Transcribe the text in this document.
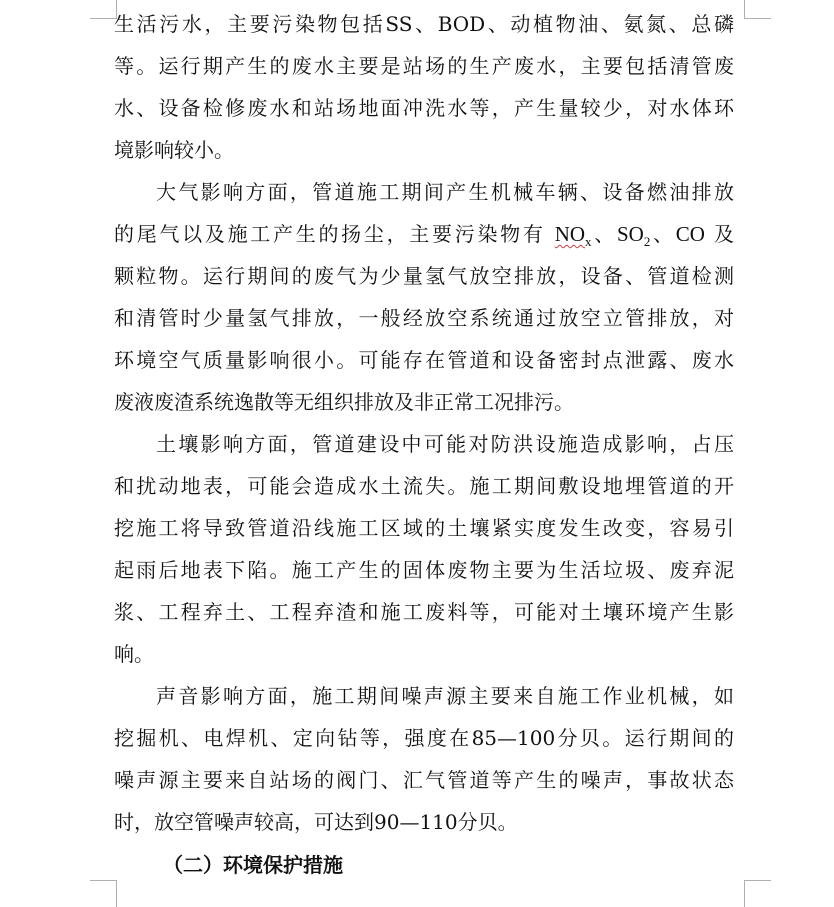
生活污水，主要污染物包括SS、BOD、动植物油、氨氮、总磷
等。运行期产生的废水主要是站场的生产废水，主要包括清管废
水、设备检修废水和站场地面冲洗水等，产生量较少，对水体环
境影响较小。
大气影响方面，管道施工期间产生机械车辆、设备燃油排放
的尾气以及施工产生的扬尘，主要污染物有 $NO_x$、$SO_2$、CO 及
颗粒物。运行期间的废气为少量氢气放空排放，设备、管道检测
和清管时少量氢气排放，一般经放空系统通过放空立管排放，对
环境空气质量影响很小。可能存在管道和设备密封点泄露、废水
废液废渣系统逸散等无组织排放及非正常工况排污。
土壤影响方面，管道建设中可能对防洪设施造成影响，占压
和扰动地表，可能会造成水土流失。施工期间敷设地埋管道的开
挖施工将导致管道沿线施工区域的土壤紧实度发生改变，容易引
起雨后地表下陷。施工产生的固体废物主要为生活垃圾、废弃泥
浆、工程弃土、工程弃渣和施工废料等，可能对土壤环境产生影
响。
声音影响方面，施工期间噪声源主要来自施工作业机械，如
挖掘机、电焊机、定向钻等，强度在85—100分贝。运行期间的
噪声源主要来自站场的阀门、汇气管道等产生的噪声，事故状态
时，放空管噪声较高，可达到90—110分贝。
（二）环境保护措施
